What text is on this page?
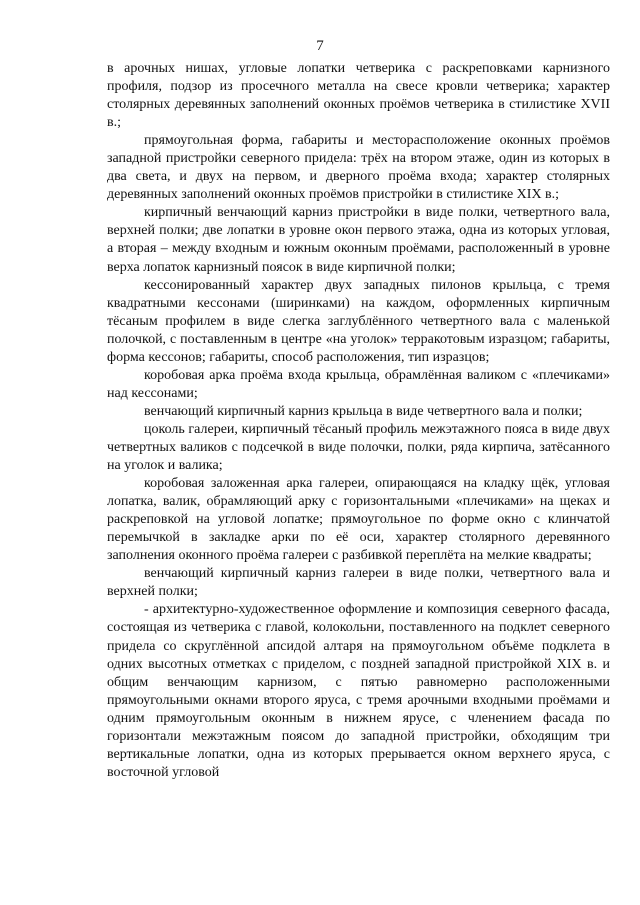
7

в арочных нишах, угловые лопатки четверика с раскреповками карнизного профиля, подзор из просечного металла на свесе кровли четверика; характер столярных деревянных заполнений оконных проёмов четверика в стилистике XVII в.;

прямоугольная форма, габариты и месторасположение оконных проёмов западной пристройки северного придела: трёх на втором этаже, один из которых в два света, и двух на первом, и дверного проёма входа; характер столярных деревянных заполнений оконных проёмов пристройки в стилистике XIX в.;

кирпичный венчающий карниз пристройки в виде полки, четвертного вала, верхней полки; две лопатки в уровне окон первого этажа, одна из которых угловая, а вторая – между входным и южным оконным проёмами, расположенный в уровне верха лопаток карнизный поясок в виде кирпичной полки;

кессонированный характер двух западных пилонов крыльца, с тремя квадратными кессонами (ширинками) на каждом, оформленных кирпичным тёсаным профилем в виде слегка заглублённого четвертного вала с маленькой полочкой, с поставленным в центре «на уголок» терракотовым изразцом; габариты, форма кессонов; габариты, способ расположения, тип изразцов;

коробовая арка проёма входа крыльца, обрамлённая валиком с «плечиками» над кессонами;

венчающий кирпичный карниз крыльца в виде четвертного вала и полки;

цоколь галереи, кирпичный тёсаный профиль межэтажного пояса в виде двух четвертных валиков с подсечкой в виде полочки, полки, ряда кирпича, затёсанного на уголок и валика;

коробовая заложенная арка галереи, опирающаяся на кладку щёк, угловая лопатка, валик, обрамляющий арку с горизонтальными «плечиками» на щеках и раскреповкой на угловой лопатке; прямоугольное по форме окно с клинчатой перемычкой в закладке арки по её оси, характер столярного деревянного заполнения оконного проёма галереи с разбивкой переплёта на мелкие квадраты;

венчающий кирпичный карниз галереи в виде полки, четвертного вала и верхней полки;

- архитектурно-художественное оформление и композиция северного фасада, состоящая из четверика с главой, колокольни, поставленного на подклет северного придела со скруглённой апсидой алтаря на прямоугольном объёме подклета в одних высотных отметках с приделом, с поздней западной пристройкой XIX в. и общим венчающим карнизом, с пятью равномерно расположенными прямоугольными окнами второго яруса, с тремя арочными входными проёмами и одним прямоугольным оконным в нижнем ярусе, с членением фасада по горизонтали межэтажным поясом до западной пристройки, обходящим три вертикальные лопатки, одна из которых прерывается окном верхнего яруса, с восточной угловой
